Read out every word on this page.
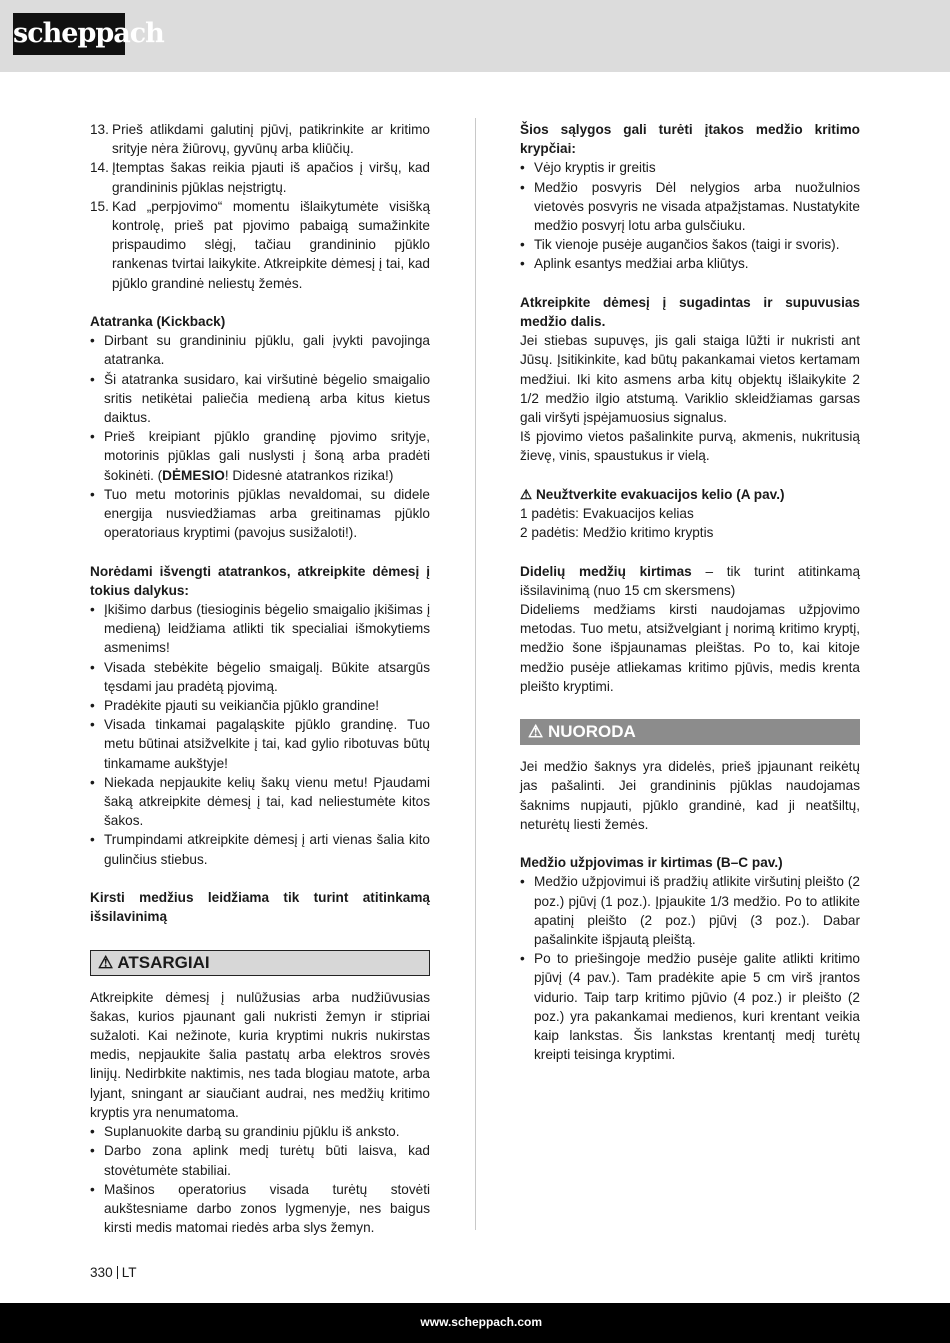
scheppach
13. Prieš atlikdami galutinį pjūvį, patikrinkite ar kritimo srityje nėra žiūrovų, gyvūnų arba kliūčių.
14. Įtemptas šakas reikia pjauti iš apačios į viršų, kad grandininis pjūklas neįstrigtų.
15. Kad „perpjovimo“ momentu išlaikytumėte visišką kontrolę, prieš pat pjovimo pabaigą sumažinkite prispaudimo slėgį, tačiau grandininio pjūklo rankenas tvirtai laikykite. Atkreipkite dėmesį į tai, kad pjūklo grandinė neliestų žemės.

Atatranka (Kickback)

• Dirbant su grandininiu pjūklu, gali įvykti pavojinga atatranka.
• Ši atatranka susidaro, kai viršutinė bėgelio smaigalio sritis netikėtai paliečia medieną arba kitus kietus daiktus.
• Prieš kreipiant pjūklo grandinę pjovimo srityje, motorinis pjūklas gali nuslysti į šoną arba pradėti šokinėti. (DĖMESIO! Didesnė atatrankos rizika!)
• Tuo metu motorinis pjūklas nevaldomai, su didele energija nusviedžiamas arba greitinamas pjūklo operatoriaus kryptimi (pavojus susižaloti!).

Norėdami išvengti atatrankos, atkreipkite dėmesį į tokius dalykus:

• Įkišimo darbus (tiesioginis bėgelio smaigalio įkišimas į medieną) leidžiama atlikti tik specialiai išmokytiems asmenims!
• Visada stebėkite bėgelio smaigalį. Būkite atsargūs tęsdami jau pradėtą pjovimą.
• Pradėkite pjauti su veikiančia pjūklo grandine!
• Visada tinkamai pagaląskite pjūklo grandinę. Tuo metu būtinai atsižvelkite į tai, kad gylio ribotuvas būtų tinkamame aukštyje!
• Niekada nepjaukite kelių šakų vienu metu! Pjaudami šaką atkreipkite dėmesį į tai, kad neliestumėte kitos šakos.
• Trumpindami atkreipkite dėmesį į arti vienas šalia kito gulinčius stiebus.

Kirsti medžius leidžiama tik turint atitinkamą išsilavinimą

⚠ ATSARGIAI

Atkreipkite dėmesį į nulūžusias arba nudžiūvusias šakas, kurios pjaunant gali nukristi žemyn ir stipriai sužaloti. Kai nežinote, kuria kryptimi nukris nukirstas medis, nepjaukite šalia pastatų arba elektros srovės linijų. Nedirbkite naktimis, nes tada blogiau matote, arba lyjant, sningant ar siaučiant audrai, nes medžių kritimo kryptis yra nenumatoma.

• Suplanuokite darbą su grandiniu pjūklu iš anksto.
• Darbo zona aplink medį turėtų būti laisva, kad stovėtumėte stabiliai.
• Mašinos operatorius visada turėtų stovėti aukštesniame darbo zonos lygmenyje, nes baigus kirsti medis matomai riedės arba slys žemyn.

Šios sąlygos gali turėti įtakos medžio kritimo krypčiai:

• Vėjo kryptis ir greitis
• Medžio posvyris Dėl nelygios arba nuožulnios vietovės posvyris ne visada atpažįstamas. Nustatykite medžio posvyrį lotu arba gulsčiuku.
• Tik vienoje pusėje augančios šakos (taigi ir svoris).
• Aplink esantys medžiai arba kliūtys.

Atkreipkite dėmesį į sugadintas ir supuvusias medžio dalis.

Jei stiebas supuvęs, jis gali staiga lūžti ir nukristi ant Jūsų. Įsitikinkite, kad būtų pakankamai vietos kertamam medžiui. Iki kito asmens arba kitų objektų išlaikykite 2 1/2 medžio ilgio atstumą. Variklio skleidžiamas garsas gali viršyti įspėjamuosius signalus.

Iš pjovimo vietos pašalinkite purvą, akmenis, nukritusią žievę, vinis, spaustukus ir vielą.

⚠ Neužtverkite evakuacijos kelio (A pav.)

1 padėtis: Evakuacijos kelias

2 padėtis: Medžio kritimo kryptis

Didelių medžių kirtimas – tik turint atitinkamą išsilavinimą (nuo 15 cm skersmens)

Dideliems medžiams kirsti naudojamas užpjovimo metodas. Tuo metu, atsižvelgiant į norimą kritimo kryptį, medžio šone išpjaunamas pleištas. Po to, kai kitoje medžio pusėje atliekamas kritimo pjūvis, medis krenta pleišto kryptimi.

⚠ NUORODA

Jei medžio šaknys yra didelės, prieš įpjaunant reikėtų jas pašalinti. Jei grandininis pjūklas naudojamas šaknims nupjauti, pjūklo grandinė, kad ji neatšiltų, neturėtų liesti žemės.

Medžio užpjovimas ir kirtimas (B–C pav.)

• Medžio užpjovimui iš pradžių atlikite viršutinį pleišto (2 poz.) pjūvį (1 poz.). Įpjaukite 1/3 medžio. Po to atlikite apatinį pleišto (2 poz.) pjūvį (3 poz.). Dabar pašalinkite išpjautą pleištą.
• Po to priešingoje medžio pusėje galite atlikti kritimo pjūvį (4 pav.). Tam pradėkite apie 5 cm virš įrantos vidurio. Taip tarp kritimo pjūvio (4 poz.) ir pleišto (2 poz.) yra pakankamai medienos, kuri krentant veikia kaip lankstas. Šis lankstas krentantį medį turėtų kreipti teisinga kryptimi.
330 LT
www.scheppach.com
